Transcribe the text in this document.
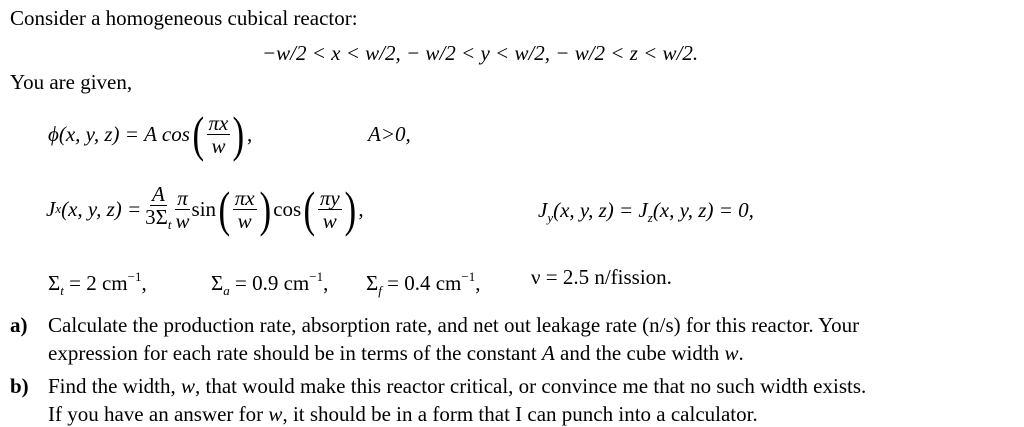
Consider a homogeneous cubical reactor:
−w/2 < x < w/2, − w/2 < y < w/2, − w/2 < z < w/2.
You are given,
ϕ(x, y, z) = A cos ( $\frac{\pi x}{w}$ ) ,	A>0,
J x (x, y, $z) = \frac{A}{3\Sigma_t} \frac{\pi}{w}$ sin ( $\frac{\pi x}{w}$ ) cos ( $\frac{\pi y}{w}$ ) ,	$J_y(x$, y, $z) = J_z(x$, y, z) = 0,
$\Sigma_t = 2$ $cm^{-1}$,	$\Sigma_a = 0.9$ $cm^{-1}$, $\Sigma_f = 0.4$ $cm^{-1}$, ν = 2.5 n/fission.
a) Calculate the production rate, absorption rate, and net out leakage rate (n/s) for this reactor. Your
expression for each rate should be in terms of the constant A and the cube width w.
b) Find the width, w, that would make this reactor critical, or convince me that no such width exists.
If you have an answer for w, it should be in a form that I can punch into a calculator.
